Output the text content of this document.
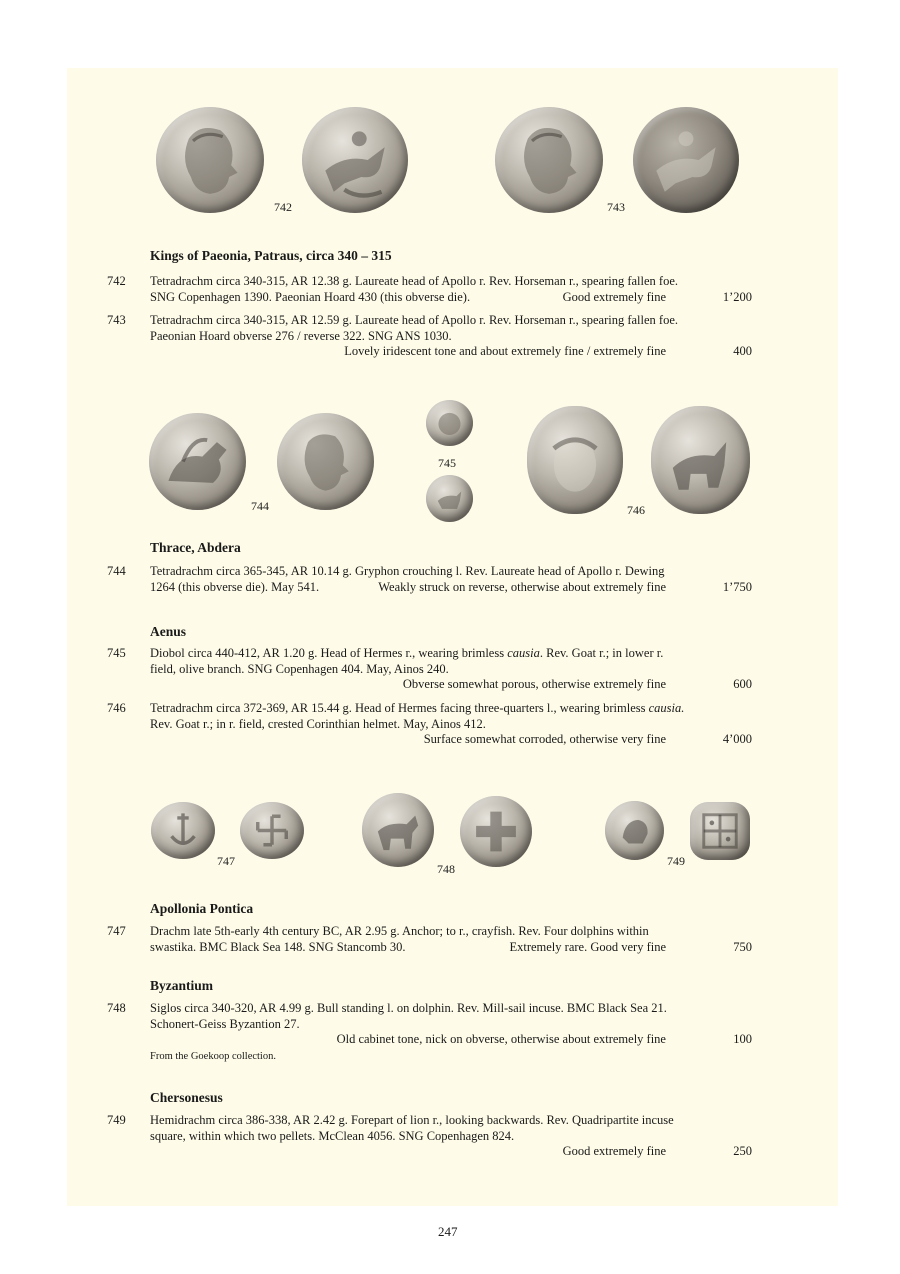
742	743
Kings of Paeonia, Patraus, circa 340 – 315
742 Tetradrachm circa 340-315, AR 12.38 g. Laureate head of Apollo r. Rev. Horseman r., spearing fallen foe.
SNG Copenhagen 1390. Paeonian Hoard 430 (this obverse die).	Good extremely fine	1’200
743 Tetradrachm circa 340-315, AR 12.59 g. Laureate head of Apollo r. Rev. Horseman r., spearing fallen foe.
Paeonian Hoard obverse 276 / reverse 322. SNG ANS 1030.
Lovely iridescent tone and about extremely fine / extremely fine	400
744
745
746
Thrace, Abdera
744 Tetradrachm circa 365-345, AR 10.14 g. Gryphon crouching l. Rev. Laureate head of Apollo r. Dewing
1264 (this obverse die). May 541.	Weakly struck on reverse, otherwise about extremely fine	1’750
Aenus
745 Diobol circa 440-412, AR 1.20 g. Head of Hermes r., wearing brimless causia. Rev. Goat r.; in lower r.
field, olive branch. SNG Copenhagen 404. May, Ainos 240.
Obverse somewhat porous, otherwise extremely fine	600
746 Tetradrachm circa 372-369, AR 15.44 g. Head of Hermes facing three-quarters l., wearing brimless causia.
Rev. Goat r.; in r. field, crested Corinthian helmet. May, Ainos 412.
Surface somewhat corroded, otherwise very fine	4’000
747
748
749
Apollonia Pontica
747 Drachm late 5th-early 4th century BC, AR 2.95 g. Anchor; to r., crayfish. Rev. Four dolphins within
swastika. BMC Black Sea 148. SNG Stancomb 30.	Extremely rare. Good very fine	750
Byzantium
748 Siglos circa 340-320, AR 4.99 g. Bull standing l. on dolphin. Rev. Mill-sail incuse. BMC Black Sea 21.
Schonert-Geiss Byzantion 27.
Old cabinet tone, nick on obverse, otherwise about extremely fine	100
From the Goekoop collection.
Chersonesus
749 Hemidrachm circa 386-338, AR 2.42 g. Forepart of lion r., looking backwards. Rev. Quadripartite incuse
square, within which two pellets. McClean 4056. SNG Copenhagen 824.
Good extremely fine	250
247
